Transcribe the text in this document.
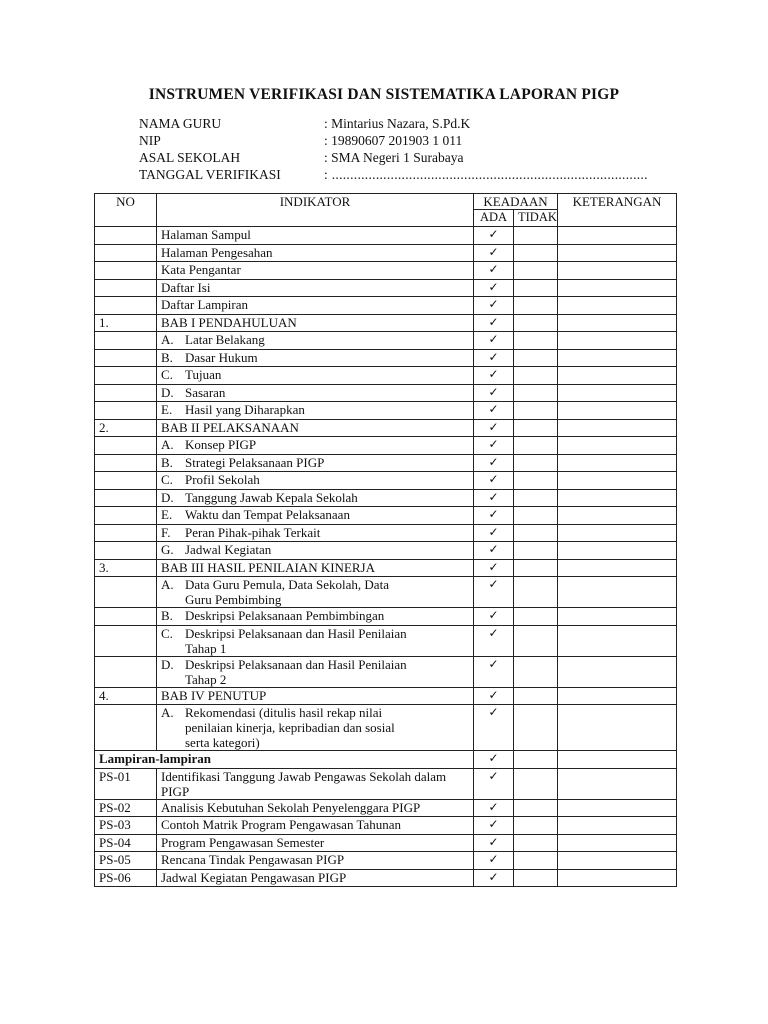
INSTRUMEN VERIFIKASI DAN SISTEMATIKA LAPORAN PIGP
NAMA GURU	: Mintarius Nazara, S.Pd.K
NIP	: 19890607 201903 1 011
ASAL SEKOLAH	: SMA Negeri 1 Surabaya
TANGGAL VERIFIKASI	: ......................................................................................
NO	INDIKATOR	KEADAAN		KETERANGAN
		ADA	TIDAK	
	Halaman Sampul	✓		
	Halaman Pengesahan	✓		
	Kata Pengantar	✓		
	Daftar Isi	✓		
	Daftar Lampiran	✓		
1.	BAB I PENDAHULUAN	✓		
	A. Latar Belakang	✓		
	B. Dasar Hukum	✓		
	C. Tujuan	✓		
	D. Sasaran	✓		
	E. Hasil yang Diharapkan	✓		
2.	BAB II PELAKSANAAN	✓		
	A. Konsep PIGP	✓		
	B. Strategi Pelaksanaan PIGP	✓		
	C. Profil Sekolah	✓		
	D. Tanggung Jawab Kepala Sekolah	✓		
	E. Waktu dan Tempat Pelaksanaan	✓		
	F. Peran Pihak-pihak Terkait	✓		
	G. Jadwal Kegiatan	✓		
3.	BAB III HASIL PENILAIAN KINERJA	✓		
	A. Data Guru Pemula, Data Sekolah, Data Guru Pembimbing	✓		
	B. Deskripsi Pelaksanaan Pembimbingan	✓		
	C. Deskripsi Pelaksanaan dan Hasil Penilaian Tahap 1	✓		
	D. Deskripsi Pelaksanaan dan Hasil Penilaian Tahap 2	✓		
4.	BAB IV PENUTUP	✓		
	A. Rekomendasi (ditulis hasil rekap nilai penilaian kinerja, kepribadian dan sosial serta kategori)	✓		
Lampiran-lampiran		✓		
PS-01	Identifikasi Tanggung Jawab Pengawas Sekolah dalam PIGP	✓		
PS-02	Analisis Kebutuhan Sekolah Penyelenggara PIGP	✓		
PS-03	Contoh Matrik Program Pengawasan Tahunan	✓		
PS-04	Program Pengawasan Semester	✓		
PS-05	Rencana Tindak Pengawasan PIGP	✓		
PS-06	Jadwal Kegiatan Pengawasan PIGP	✓		
